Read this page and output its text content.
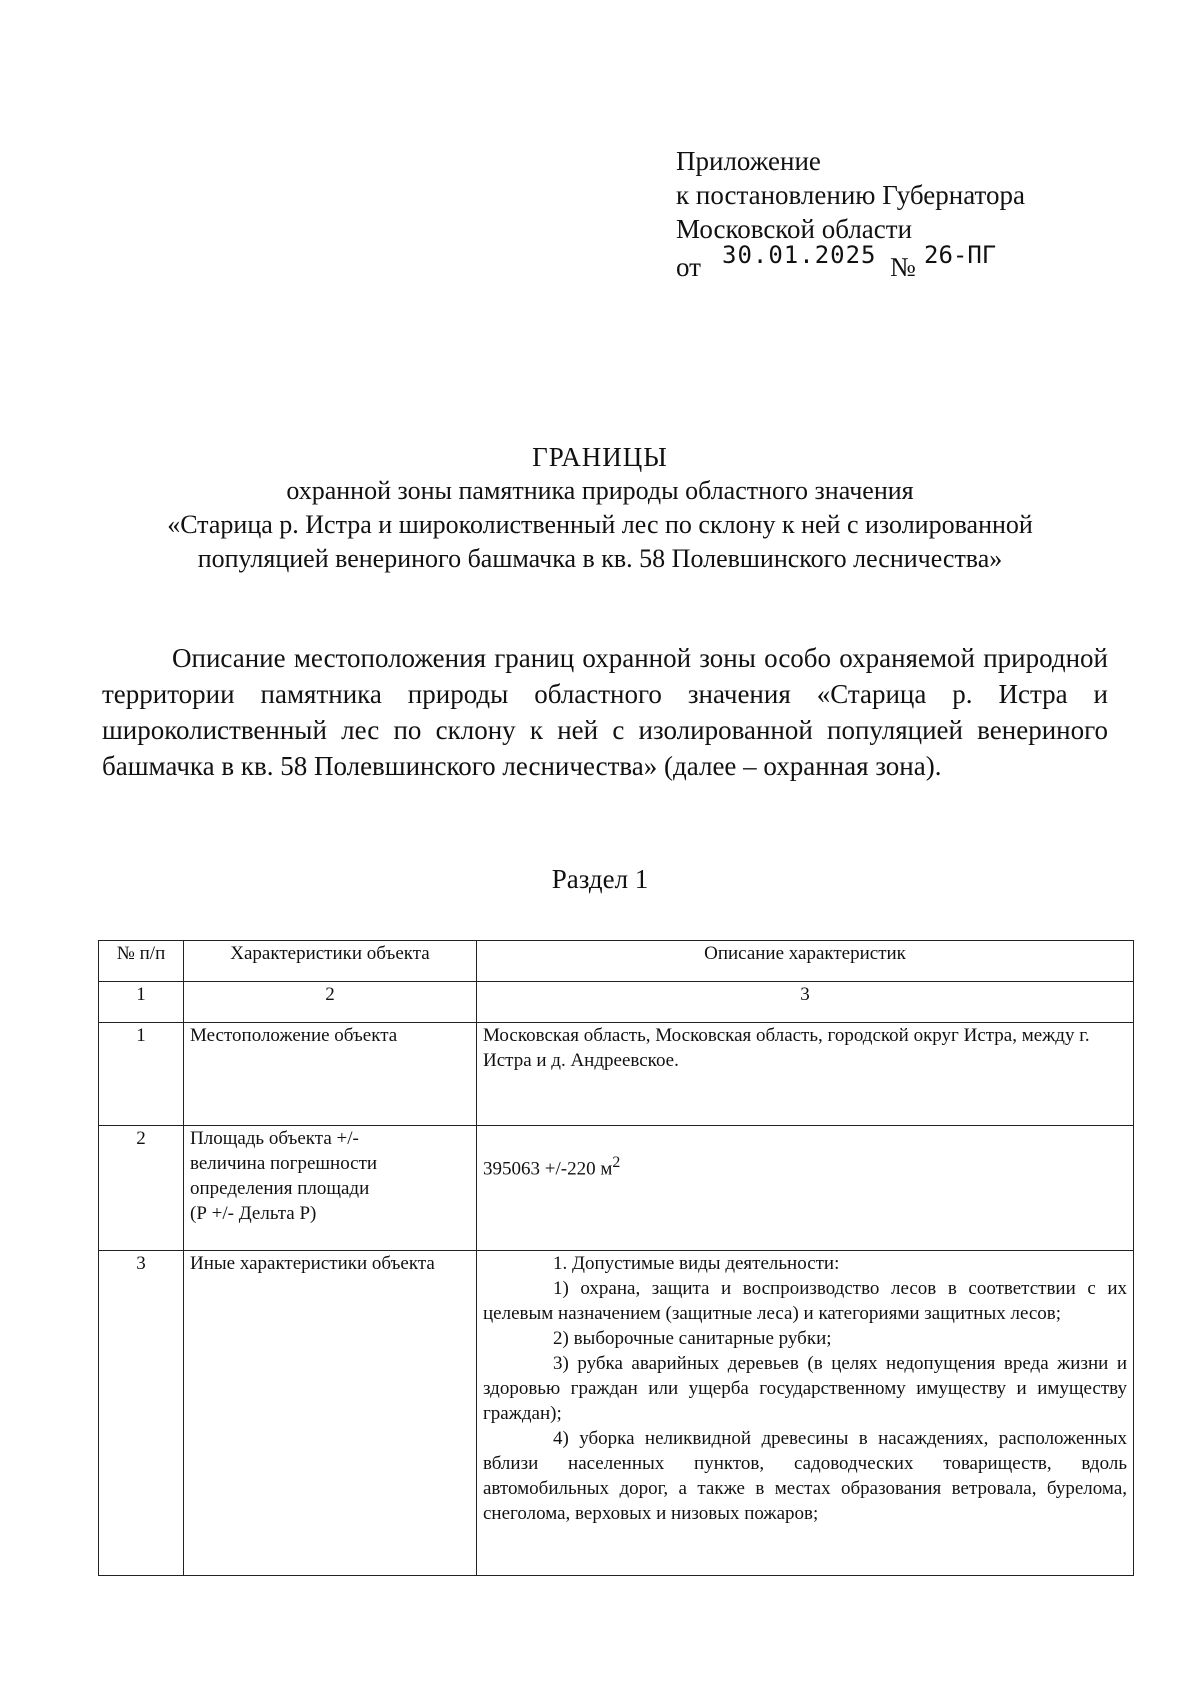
Приложение
к постановлению Губернатора
Московской области
от 30.01.2025 № 26-ПГ
ГРАНИЦЫ
охранной зоны памятника природы областного значения
«Старица р. Истра и широколиственный лес по склону к ней с изолированной
популяцией венериного башмачка в кв. 58 Полевшинского лесничества»
Описание местоположения границ охранной зоны особо охраняемой природной территории памятника природы областного значения «Старица р. Истра и широколиственный лес по склону к ней с изолированной популяцией венериного башмачка в кв. 58 Полевшинского лесничества» (далее – охранная зона).
Раздел 1
№ п/п	Характеристики объекта	Описание характеристик
1	2	3
1	Местоположение объекта	Московская область, Московская область, городской округ Истра, между г. Истра и д. Андреевское.
2	Площадь объекта +/-
величина погрешности
определения площади
(Р +/- Дельта Р)	395063 +/-220 $м^2$

3	Иные характеристики объекта	1. Допустимые виды деятельности:

1) охрана, защита и воспроизводство лесов в соответствии с их целевым назначением (защитные леса) и категориями защитных лесов;

2) выборочные санитарные рубки;

3) рубка аварийных деревьев (в целях недопущения вреда жизни и здоровью граждан или ущерба государственному имуществу и имуществу граждан);

4) уборка неликвидной древесины в насаждениях, расположенных вблизи населенных пунктов, садоводческих товариществ, вдоль автомобильных дорог, а также в местах образования ветровала, бурелома, снеголома, верховых и низовых пожаров;
